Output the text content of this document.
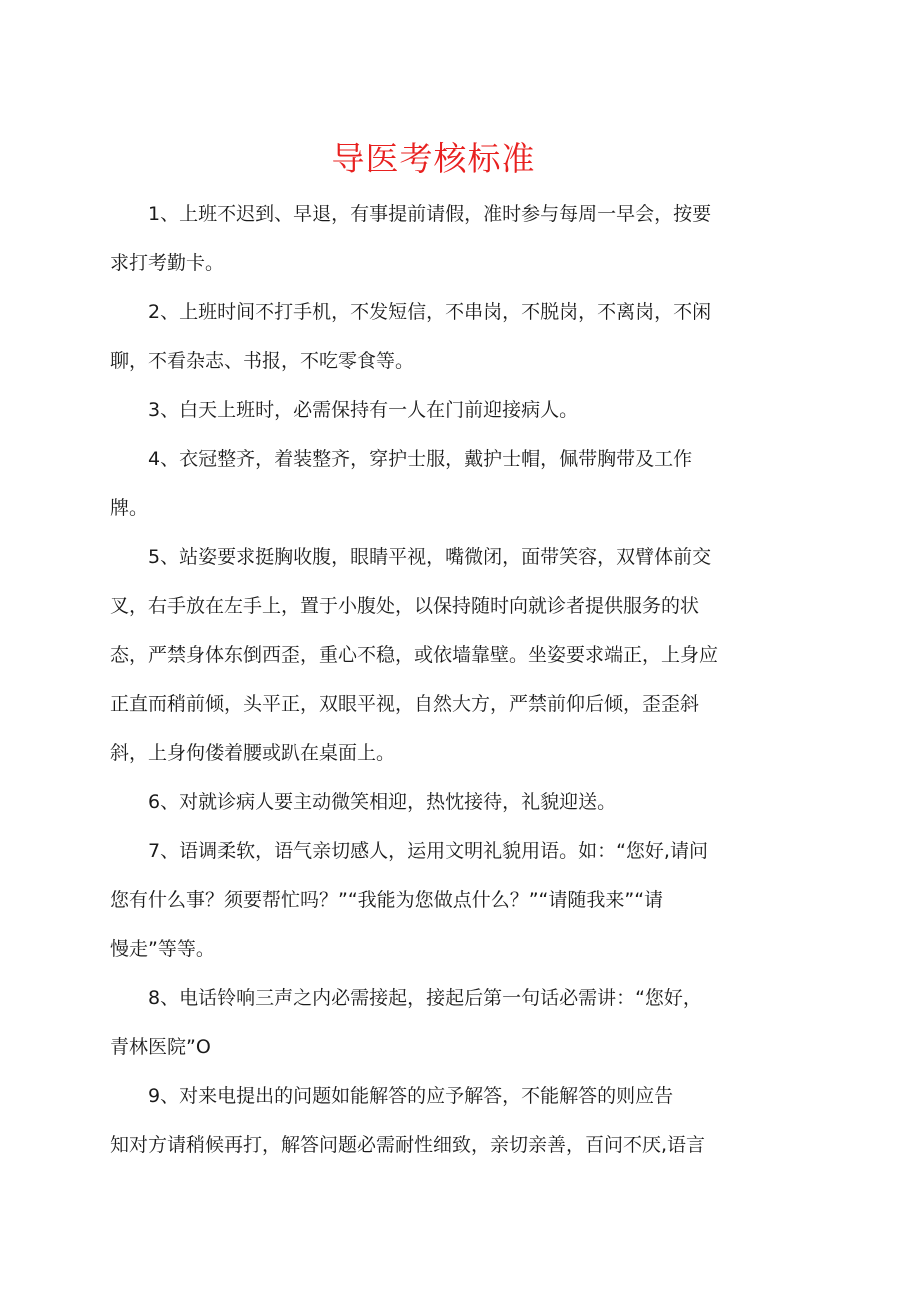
导医考核标准

1、上班不迟到、早退，有事提前请假，准时参与每周一早会，按要
求打考勤卡。

2、上班时间不打手机，不发短信，不串岗，不脱岗，不离岗，不闲
聊，不看杂志、书报，不吃零食等。

3、白天上班时，必需保持有一人在门前迎接病人。

4、衣冠整齐，着装整齐，穿护士服，戴护士帽，佩带胸带及工作
牌。

5、站姿要求挺胸收腹，眼睛平视，嘴微闭，面带笑容，双臂体前交
叉，右手放在左手上，置于小腹处，以保持随时向就诊者提供服务的状
态，严禁身体东倒西歪，重心不稳，或依墙靠壁。坐姿要求端正，上身应
正直而稍前倾，头平正，双眼平视，自然大方，严禁前仰后倾，歪歪斜
斜，上身佝偻着腰或趴在桌面上。

6、对就诊病人要主动微笑相迎，热忱接待，礼貌迎送。

7、语调柔软，语气亲切感人，运用文明礼貌用语。如：“您好,请问
您有什么事？须要帮忙吗？”“我能为您做点什么？”“请随我来”“请
慢走”等等。

8、电话铃响三声之内必需接起，接起后第一句话必需讲：“您好，
青林医院”O

9、对来电提出的问题如能解答的应予解答，不能解答的则应告
知对方请稍候再打，解答问题必需耐性细致，亲切亲善，百问不厌,语言
